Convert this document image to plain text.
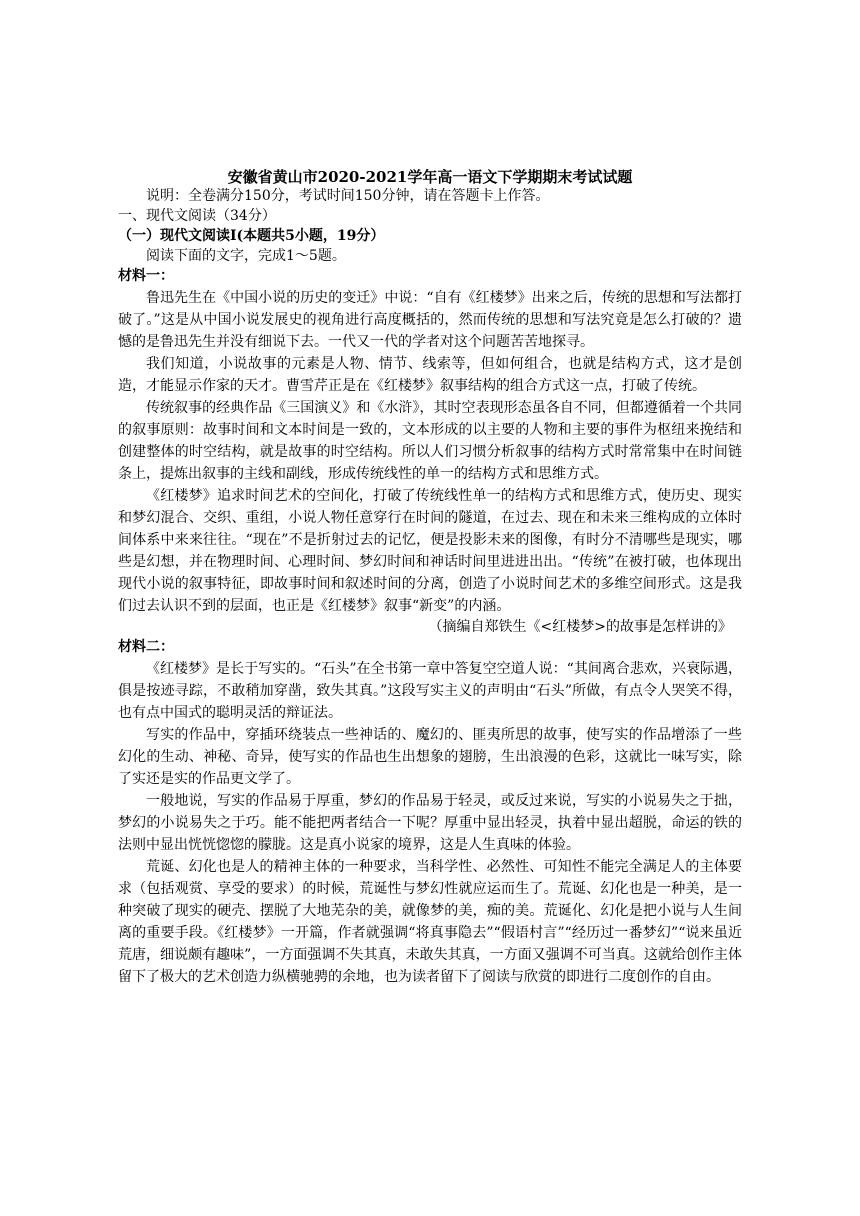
安徽省黄山市2020-2021学年高一语文下学期期末考试试题

说明：全卷满分150分，考试时间150分钟，请在答题卡上作答。

一、现代文阅读（34分）

（一）现代文阅读Ⅰ(本题共5小题，19分）

阅读下面的文字，完成1～5题。

材料一：

鲁迅先生在《中国小说的历史的变迁》中说：“自有《红楼梦》出来之后，传统的思想和写法都打破了。”这是从中国小说发展史的视角进行高度概括的，然而传统的思想和写法究竟是怎么打破的？遗憾的是鲁迅先生并没有细说下去。一代又一代的学者对这个问题苦苦地探寻。

我们知道，小说故事的元素是人物、情节、线索等，但如何组合，也就是结构方式，这才是创造，才能显示作家的天才。曹雪芹正是在《红楼梦》叙事结构的组合方式这一点，打破了传统。

传统叙事的经典作品《三国演义》和《水浒》，其时空表现形态虽各自不同，但都遵循着一个共同的叙事原则：故事时间和文本时间是一致的，文本形成的以主要的人物和主要的事件为枢纽来挽结和创建整体的时空结构，就是故事的时空结构。所以人们习惯分析叙事的结构方式时常常集中在时间链条上，提炼出叙事的主线和副线，形成传统线性的单一的结构方式和思维方式。

《红楼梦》追求时间艺术的空间化，打破了传统线性单一的结构方式和思维方式，使历史、现实和梦幻混合、交织、重组，小说人物任意穿行在时间的隧道，在过去、现在和未来三维构成的立体时间体系中来来往往。“现在”不是折射过去的记忆，便是投影未来的图像，有时分不清哪些是现实，哪些是幻想，并在物理时间、心理时间、梦幻时间和神话时间里进进出出。“传统”在被打破，也体现出现代小说的叙事特征，即故事时间和叙述时间的分离，创造了小说时间艺术的多维空间形式。这是我们过去认识不到的层面，也正是《红楼梦》叙事“新变”的内涵。

（摘编自郑铁生《<红楼梦>的故事是怎样讲的》

材料二：

《红楼梦》是长于写实的。“石头”在全书第一章中答复空空道人说：“其间离合悲欢，兴衰际遇，俱是按迹寻踪，不敢稍加穿凿，致失其真。”这段写实主义的声明由“石头”所做，有点令人哭笑不得，也有点中国式的聪明灵活的辩证法。

写实的作品中，穿插环绕装点一些神话的、魔幻的、匪夷所思的故事，使写实的作品增添了一些幻化的生动、神秘、奇异，使写实的作品也生出想象的翅膀，生出浪漫的色彩，这就比一味写实，除了实还是实的作品更文学了。

一般地说，写实的作品易于厚重，梦幻的作品易于轻灵，或反过来说，写实的小说易失之于拙，梦幻的小说易失之于巧。能不能把两者结合一下呢？厚重中显出轻灵，执着中显出超脱，命运的铁的法则中显出恍恍惚惚的朦胧。这是真小说家的境界，这是人生真味的体验。

荒诞、幻化也是人的精神主体的一种要求，当科学性、必然性、可知性不能完全满足人的主体要求（包括观赏、享受的要求）的时候，荒诞性与梦幻性就应运而生了。荒诞、幻化也是一种美，是一种突破了现实的硬壳、摆脱了大地芜杂的美，就像梦的美，痴的美。荒诞化、幻化是把小说与人生间离的重要手段。《红楼梦》一开篇，作者就强调“将真事隐去”“假语村言”“经历过一番梦幻”“说来虽近荒唐，细说颇有趣味”，一方面强调不失其真，未敢失其真，一方面又强调不可当真。这就给创作主体留下了极大的艺术创造力纵横驰骋的余地，也为读者留下了阅读与欣赏的即进行二度创作的自由。
